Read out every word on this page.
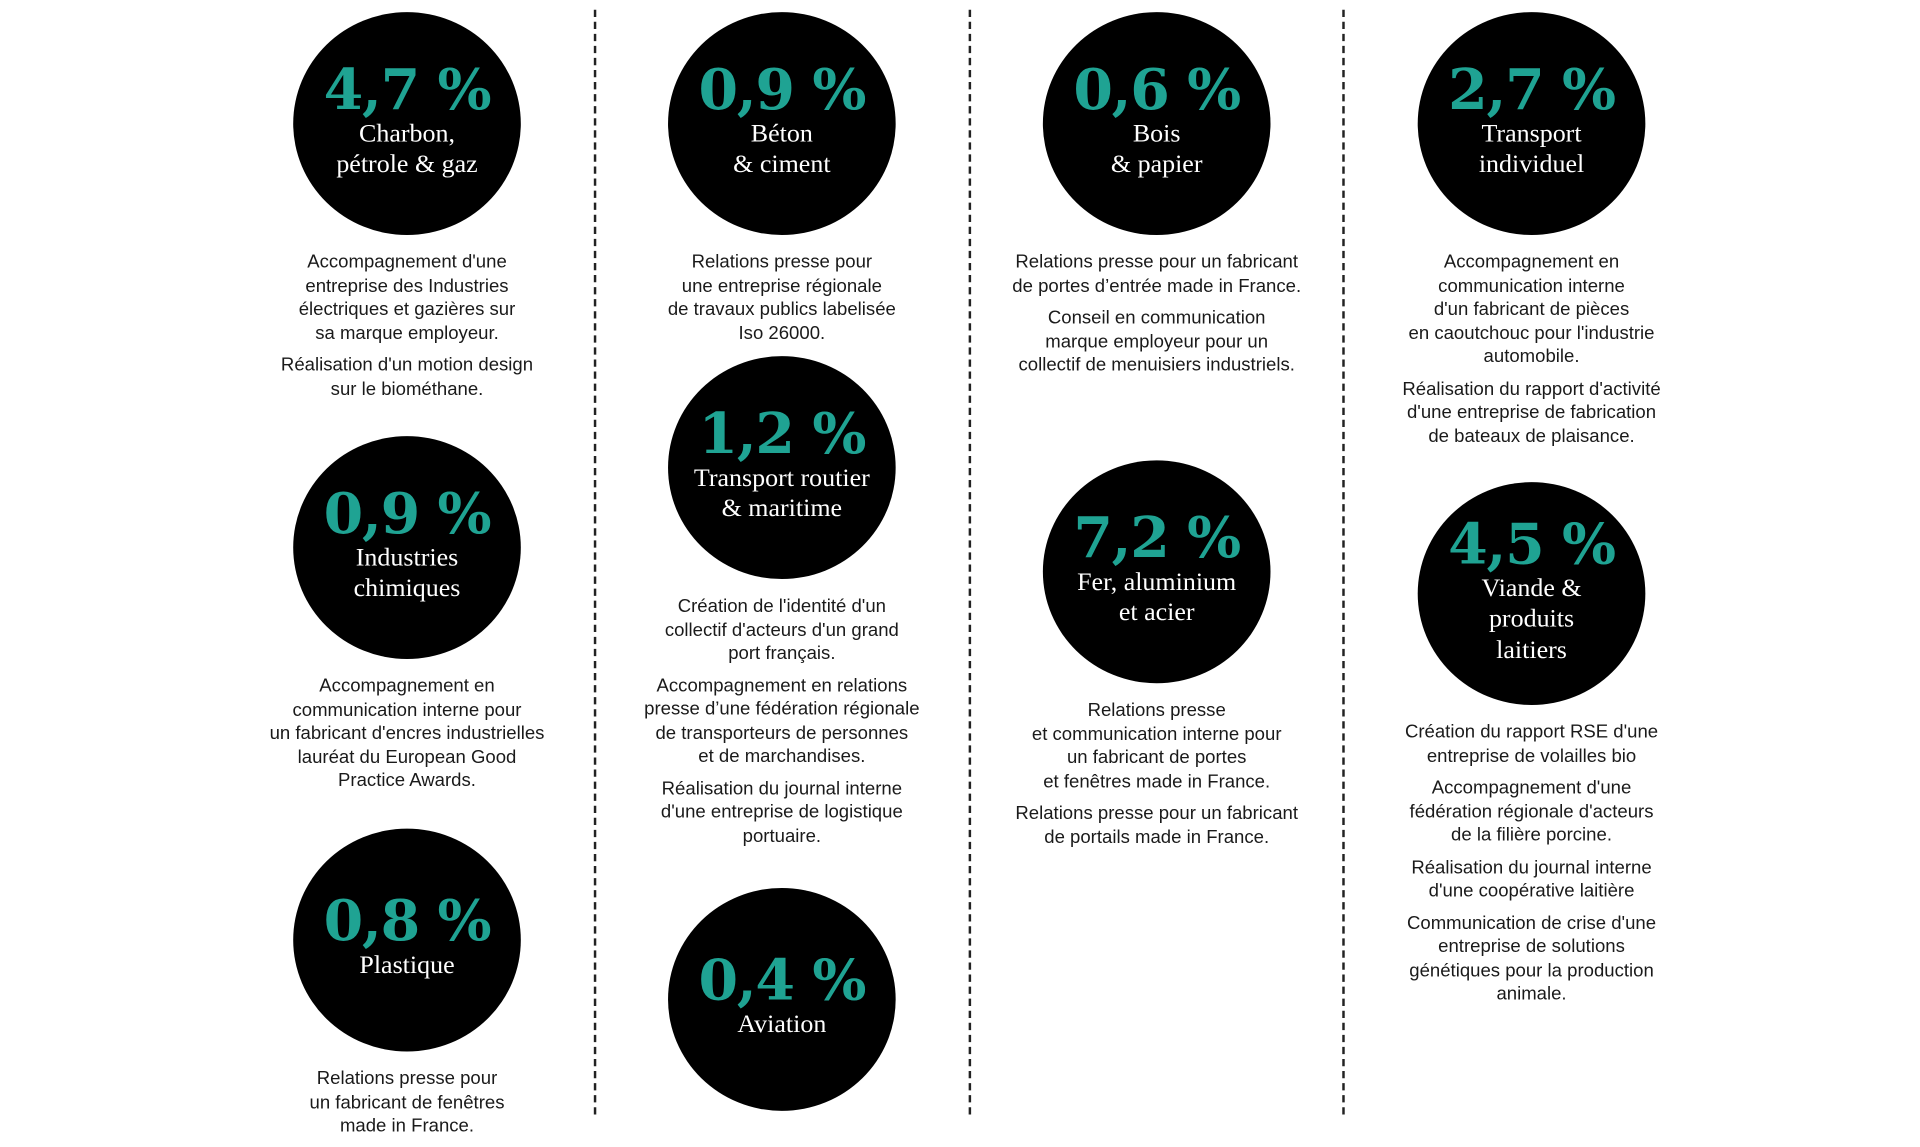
4,7 %
Charbon,
pétrole & gaz
Accompagnement d'une
entreprise des Industries
électriques et gazières sur
sa marque employeur.
Réalisation d'un motion design
sur le biométhane.
0,9 %
Industries
chimiques
Accompagnement en
communication interne pour
un fabricant d'encres industrielles
lauréat du European Good
Practice Awards.
0,8 %
Plastique
Relations presse pour
un fabricant de fenêtres
made in France.
0,9 %
Béton
& ciment
Relations presse pour
une entreprise régionale
de travaux publics labelisée
Iso 26000.
1,2 %
Transport routier
& maritime
Création de l'identité d'un
collectif d'acteurs d'un grand
port français.
Accompagnement en relations
presse d’une fédération régionale
de transporteurs de personnes
et de marchandises.
Réalisation du journal interne
d'une entreprise de logistique
portuaire.
0,4 %
Aviation
0,6 %
Bois
& papier
Relations presse pour un fabricant
de portes d’entrée made in France.
Conseil en communication
marque employeur pour un
collectif de menuisiers industriels.
7,2 %
Fer, aluminium
et acier
Relations presse
et communication interne pour
un fabricant de portes
et fenêtres made in France.
Relations presse pour un fabricant
de portails made in France.
2,7 %
Transport
individuel
Accompagnement en
communication interne
d'un fabricant de pièces
en caoutchouc pour l'industrie
automobile.
Réalisation du rapport d'activité
d'une entreprise de fabrication
de bateaux de plaisance.
4,5 %
Viande &
produits
laitiers
Création du rapport RSE d'une
entreprise de volailles bio
Accompagnement d'une
fédération régionale d'acteurs
de la filière porcine.
Réalisation du journal interne
d'une coopérative laitière
Communication de crise d'une
entreprise de solutions
génétiques pour la production
animale.
